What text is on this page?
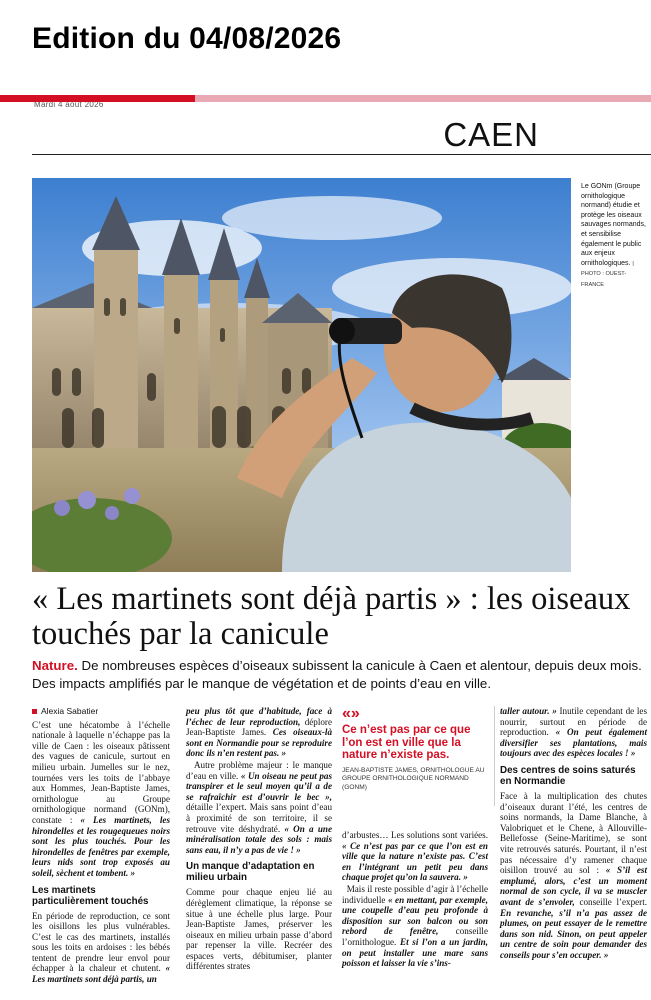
Edition du 04/08/2026
Mardi 4 août 2026
CAEN
Le GONm (Groupe ornithologique normand) étudie et protège les oiseaux sauvages normands, et sensibilise également le public aux enjeux ornithologiques. | PHOTO : OUEST-FRANCE
« Les martinets sont déjà partis » : les oiseaux touchés par la canicule
Nature. De nombreuses espèces d’oiseaux subissent la canicule à Caen et alentour, depuis deux mois. Des impacts amplifiés par le manque de végétation et de points d’eau en ville.
Alexia Sabatier

C’est une hécatombe à l’échelle nationale à laquelle n’échappe pas la ville de Caen : les oiseaux pâtissent des vagues de canicule, surtout en milieu urbain. Jumelles sur le nez, tournées vers les toits de l’abbaye aux Hommes, Jean-Baptiste James, ornithologue au Groupe ornithologique normand (GONm), constate : « Les martinets, les hirondelles et les rougequeues noirs sont les plus touchés. Pour les hirondelles de fenêtres par exemple, leurs nids sont trop exposés au soleil, sèchent et tombent. »

Les martinets particulièrement touchés

En période de reproduction, ce sont les oisillons les plus vulnérables. C’est le cas des martinets, installés sous les toits en ardoises : les bébés tentent de prendre leur envol pour échapper à la chaleur et chutent. « Les martinets sont déjà partis, un

peu plus tôt que d’habitude, face à l’échec de leur reproduction, déplore Jean-Baptiste James. Ces oiseaux-là sont en Normandie pour se reproduire donc ils n’en restent pas. »

Autre problème majeur : le manque d’eau en ville. « Un oiseau ne peut pas transpirer et le seul moyen qu’il a de se rafraîchir est d’ouvrir le bec », détaille l’expert. Mais sans point d’eau à proximité de son territoire, il se retrouve vite déshydraté. « On a une minéralisation totale des sols : mais sans eau, il n’y a pas de vie ! »

Un manque d’adaptation en milieu urbain

Comme pour chaque enjeu lié au dérèglement climatique, la réponse se situe à une échelle plus large. Pour Jean-Baptiste James, préserver les oiseaux en milieu urbain passe d’abord par repenser la ville. Recréer des espaces verts, débitumiser, planter différentes strates

«»
Ce n’est pas par ce que l’on est en ville que la nature n’existe pas.
JEAN-BAPTISTE JAMES, ORNITHOLOGUE AU GROUPE ORNITHOLOGIQUE NORMAND (GONM)

d’arbustes… Les solutions sont variées. « Ce n’est pas par ce que l’on est en ville que la nature n’existe pas. C’est en l’intégrant un petit peu dans chaque projet qu’on la sauvera. »

Mais il reste possible d’agir à l’échelle individuelle « en mettant, par exemple, une coupelle d’eau peu profonde à disposition sur son balcon ou son rebord de fenêtre, conseille l’ornithologue. Et si l’on a un jardin, on peut installer une mare sans poisson et laisser la vie s’ins-

taller autour. » Inutile cependant de les nourrir, surtout en période de reproduction. « On peut également diversifier ses plantations, mais toujours avec des espèces locales ! »

Des centres de soins saturés en Normandie

Face à la multiplication des chutes d’oiseaux durant l’été, les centres de soins normands, la Dame Blanche, à Valobriquet et le Chene, à Allouville-Bellefosse (Seine-Maritime), se sont vite retrouvés saturés. Pourtant, il n’est pas nécessaire d’y ramener chaque oisillon trouvé au sol : « S’il est emplumé, alors, c’est un moment normal de son cycle, il va se muscler avant de s’envoler, conseille l’expert. En revanche, s’il n’a pas assez de plumes, on peut essayer de le remettre dans son nid. Sinon, on peut appeler un centre de soin pour demander des conseils pour s’en occuper. »
